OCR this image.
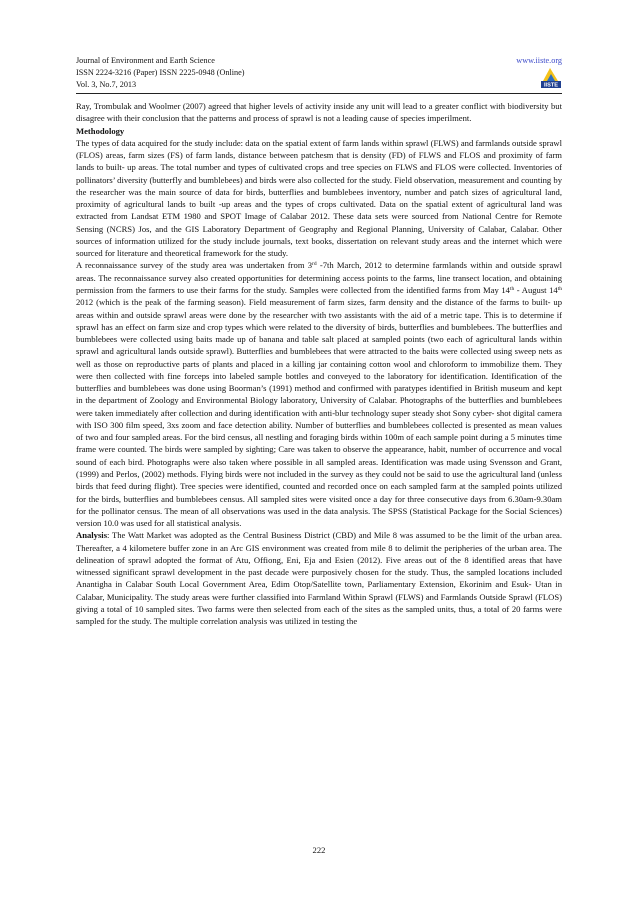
Journal of Environment and Earth Science
ISSN 2224-3216 (Paper) ISSN 2225-0948 (Online)
Vol. 3, No.7, 2013
www.iiste.org
IISTE

Ray, Trombulak and Woolmer (2007) agreed that higher levels of activity inside any unit will lead to a greater conflict with biodiversity but disagree with their conclusion that the patterns and process of sprawl is not a leading cause of species imperilment.

Methodology

The types of data acquired for the study include: data on the spatial extent of farm lands within sprawl (FLWS) and farmlands outside sprawl (FLOS) areas, farm sizes (FS) of farm lands, distance between patchesm that is density (FD) of FLWS and FLOS and proximity of farm lands to built- up areas. The total number and types of cultivated crops and tree species on FLWS and FLOS were collected. Inventories of pollinators’ diversity (butterfly and bumblebees) and birds were also collected for the study. Field observation, measurement and counting by the researcher was the main source of data for birds, butterflies and bumblebees inventory, number and patch sizes of agricultural land, proximity of agricultural lands to built -up areas and the types of crops cultivated. Data on the spatial extent of agricultural land was extracted from Landsat ETM 1980 and SPOT Image of Calabar 2012. These data sets were sourced from National Centre for Remote Sensing (NCRS) Jos, and the GIS Laboratory Department of Geography and Regional Planning, University of Calabar, Calabar. Other sources of information utilized for the study include journals, text books, dissertation on relevant study areas and the internet which were sourced for literature and theoretical framework for the study.

A reconnaissance survey of the study area was undertaken from 3rd -7th March, 2012 to determine farmlands within and outside sprawl areas. The reconnaissance survey also created opportunities for determining access points to the farms, line transect location, and obtaining permission from the farmers to use their farms for the study. Samples were collected from the identified farms from May 14th - August 14th 2012 (which is the peak of the farming season). Field measurement of farm sizes, farm density and the distance of the farms to built- up areas within and outside sprawl areas were done by the researcher with two assistants with the aid of a metric tape. This is to determine if sprawl has an effect on farm size and crop types which were related to the diversity of birds, butterflies and bumblebees. The butterflies and bumblebees were collected using baits made up of banana and table salt placed at sampled points (two each of agricultural lands within sprawl and agricultural lands outside sprawl). Butterflies and bumblebees that were attracted to the baits were collected using sweep nets as well as those on reproductive parts of plants and placed in a killing jar containing cotton wool and chloroform to immobilize them. They were then collected with fine forceps into labeled sample bottles and conveyed to the laboratory for identification. Identification of the butterflies and bumblebees was done using Boorman’s (1991) method and confirmed with paratypes identified in British museum and kept in the department of Zoology and Environmental Biology laboratory, University of Calabar. Photographs of the butterflies and bumblebees were taken immediately after collection and during identification with anti-blur technology super steady shot Sony cyber- shot digital camera with ISO 300 film speed, 3xs zoom and face detection ability. Number of butterflies and bumblebees collected is presented as mean values of two and four sampled areas. For the bird census, all nestling and foraging birds within 100m of each sample point during a 5 minutes time frame were counted. The birds were sampled by sighting; Care was taken to observe the appearance, habit, number of occurrence and vocal sound of each bird. Photographs were also taken where possible in all sampled areas. Identification was made using Svensson and Grant, (1999) and Perlos, (2002) methods. Flying birds were not included in the survey as they could not be said to use the agricultural land (unless birds that feed during flight). Tree species were identified, counted and recorded once on each sampled farm at the sampled points utilized for the birds, butterflies and bumblebees census. All sampled sites were visited once a day for three consecutive days from 6.30am-9.30am for the pollinator census. The mean of all observations was used in the data analysis. The SPSS (Statistical Package for the Social Sciences) version 10.0 was used for all statistical analysis.

Analysis: The Watt Market was adopted as the Central Business District (CBD) and Mile 8 was assumed to be the limit of the urban area. Thereafter, a 4 kilometere buffer zone in an Arc GIS environment was created from mile 8 to delimit the peripheries of the urban area. The delineation of sprawl adopted the format of Atu, Offiong, Eni, Eja and Esien (2012). Five areas out of the 8 identified areas that have witnessed significant sprawl development in the past decade were purposively chosen for the study. Thus, the sampled locations included Anantigha in Calabar South Local Government Area, Edim Otop/Satellite town, Parliamentary Extension, Ekorinim and Esuk- Utan in Calabar, Municipality. The study areas were further classified into Farmland Within Sprawl (FLWS) and Farmlands Outside Sprawl (FLOS) giving a total of 10 sampled sites. Two farms were then selected from each of the sites as the sampled units, thus, a total of 20 farms were sampled for the study. The multiple correlation analysis was utilized in testing the

222
